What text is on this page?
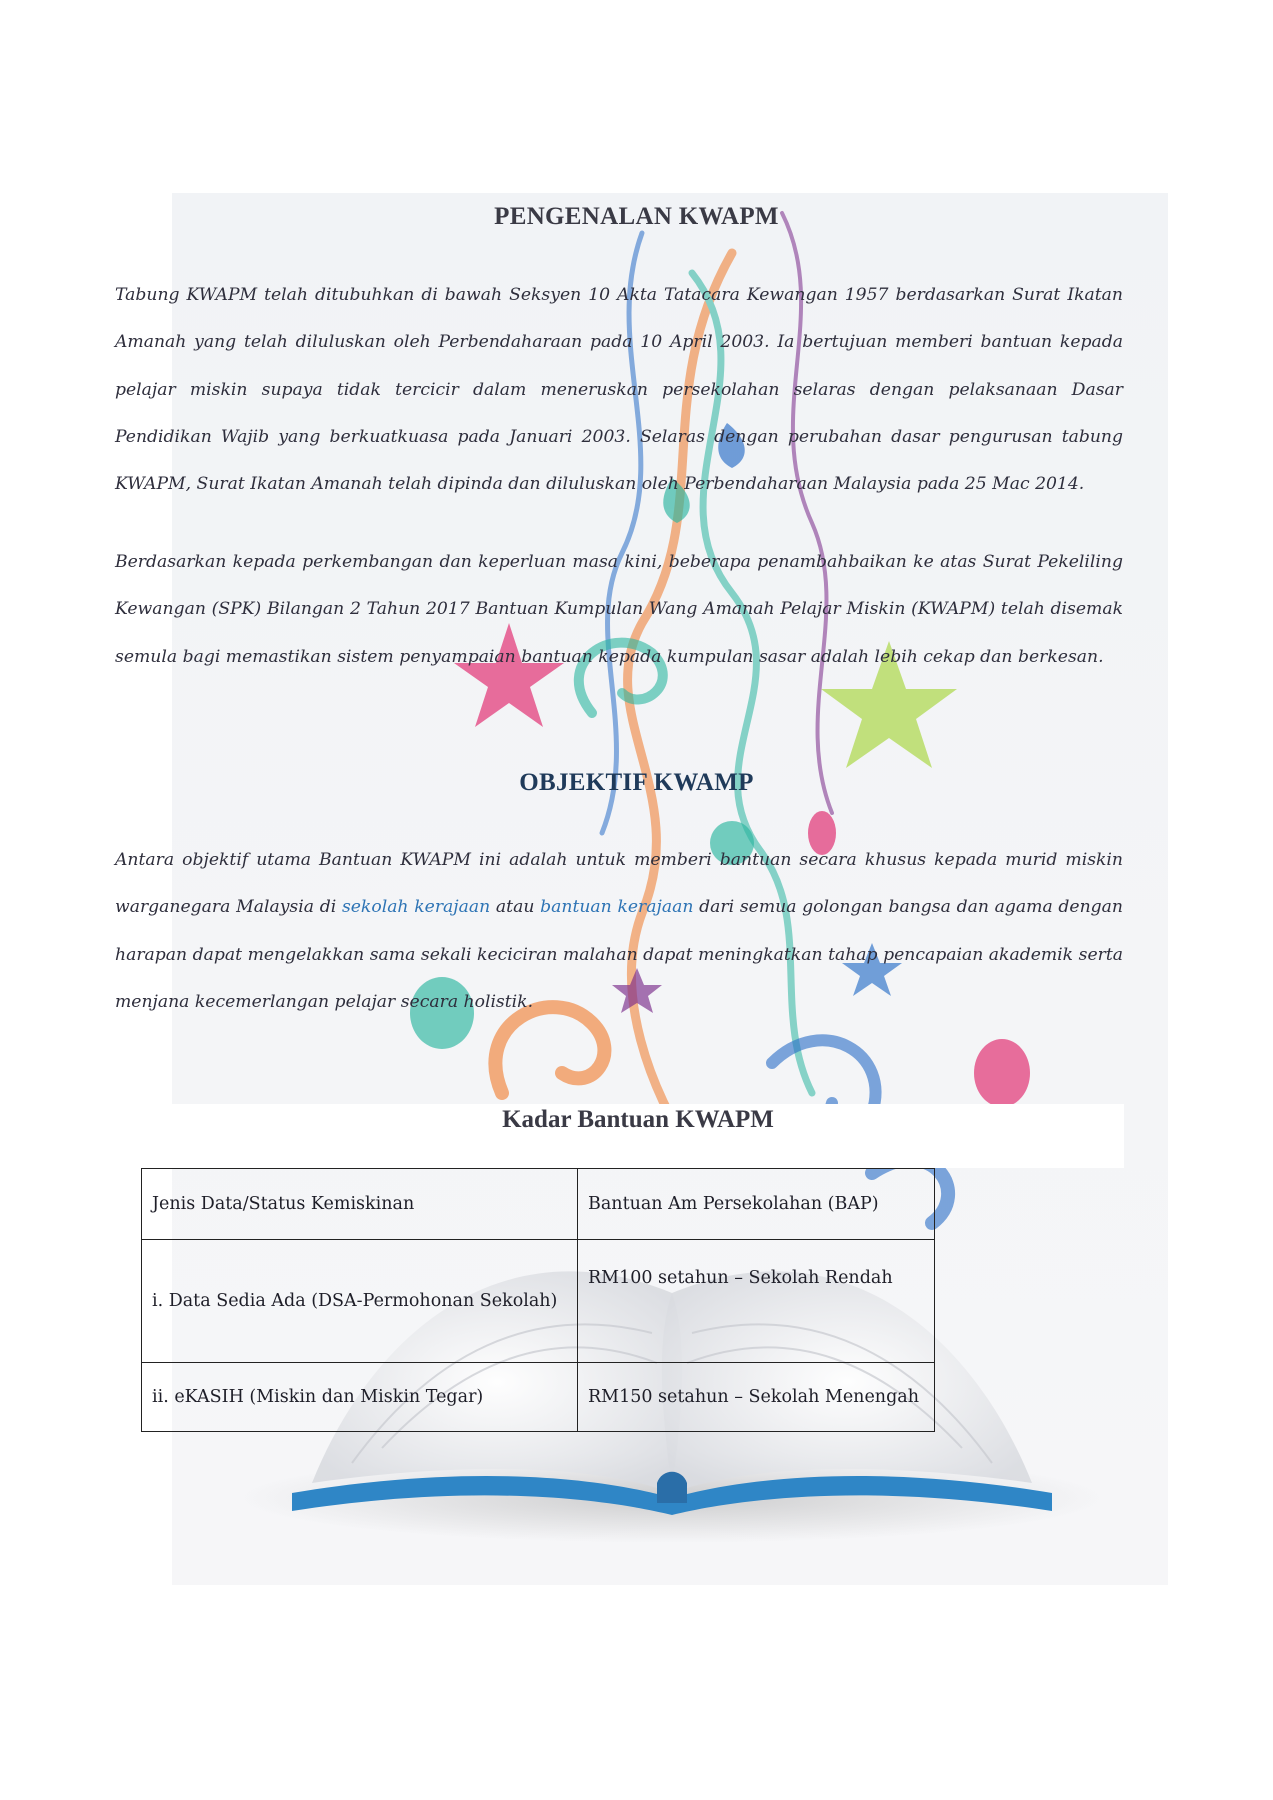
PENGENALAN KWAPM

Tabung KWAPM telah ditubuhkan di bawah Seksyen 10 Akta Tatacara Kewangan 1957 berdasarkan Surat Ikatan Amanah yang telah diluluskan oleh Perbendaharaan pada 10 April 2003. Ia bertujuan memberi bantuan kepada pelajar miskin supaya tidak tercicir dalam meneruskan persekolahan selaras dengan pelaksanaan Dasar Pendidikan Wajib yang berkuatkuasa pada Januari 2003. Selaras dengan perubahan dasar pengurusan tabung KWAPM, Surat Ikatan Amanah telah dipinda dan diluluskan oleh Perbendaharaan Malaysia pada 25 Mac 2014.

Berdasarkan kepada perkembangan dan keperluan masa kini, beberapa penambahbaikan ke atas Surat Pekeliling Kewangan (SPK) Bilangan 2 Tahun 2017 Bantuan Kumpulan Wang Amanah Pelajar Miskin (KWAPM) telah disemak semula bagi memastikan sistem penyampaian bantuan kepada kumpulan sasar adalah lebih cekap dan berkesan.

OBJEKTIF KWAMP

Antara objektif utama Bantuan KWAPM ini adalah untuk memberi bantuan secara khusus kepada murid miskin warganegara Malaysia di sekolah kerajaan atau bantuan kerajaan dari semua golongan bangsa dan agama dengan harapan dapat mengelakkan sama sekali keciciran malahan dapat meningkatkan tahap pencapaian akademik serta menjana kecemerlangan pelajar secara holistik.

Kadar Bantuan KWAPM
Jenis Data/Status Kemiskinan	Bantuan Am Persekolahan (BAP)
i. Data Sedia Ada (DSA-Permohonan Sekolah)	RM100 setahun – Sekolah Rendah
ii. eKASIH (Miskin dan Miskin Tegar)	RM150 setahun – Sekolah Menengah
